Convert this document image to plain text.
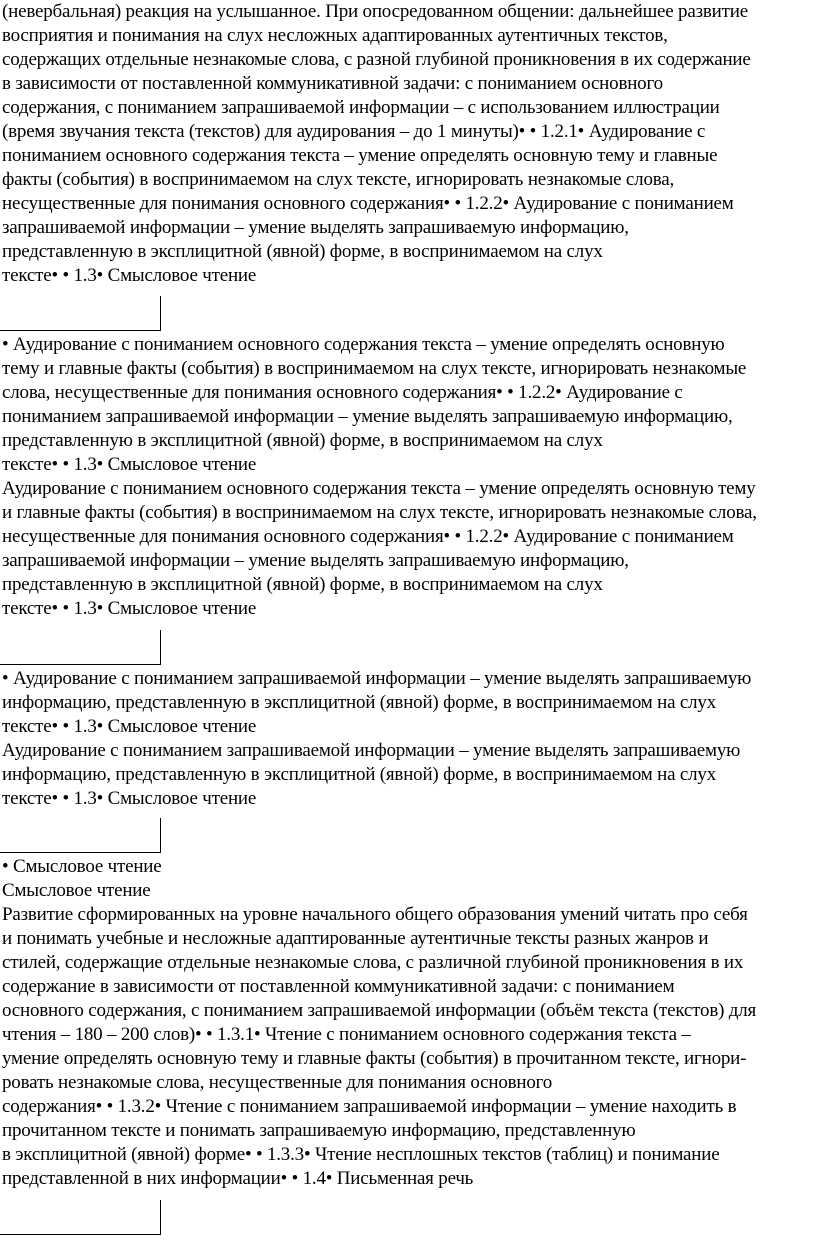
(невербальная) реакция на услышанное. При опосредованном общении: дальнейшее развитие
восприятия и понимания на слух несложных адаптированных аутентичных текстов,
содержащих отдельные незнакомые слова, с разной глубиной проникновения в их содержание
в зависимости от поставленной коммуникативной задачи: с пониманием основного
содержания, с пониманием запрашиваемой информации – с использованием иллюстрации
(время звучания текста (текстов) для аудирования – до 1 минуты)• • 1.2.1• Аудирование с
пониманием основного содержания текста – умение определять основную тему и главные
факты (события) в воспринимаемом на слух тексте, игнорировать незнакомые слова,
несущественные для понимания основного содержания• • 1.2.2• Аудирование с пониманием
запрашиваемой информации – умение выделять запрашиваемую информацию,
представленную в эксплицитной (явной) форме, в воспринимаемом на слух
тексте• • 1.3• Смысловое чтение
• Аудирование с пониманием основного содержания текста – умение определять основную
тему и главные факты (события) в воспринимаемом на слух тексте, игнорировать незнакомые
слова, несущественные для понимания основного содержания• • 1.2.2• Аудирование с
пониманием запрашиваемой информации – умение выделять запрашиваемую информацию,
представленную в эксплицитной (явной) форме, в воспринимаемом на слух
тексте• • 1.3• Смысловое чтение
Аудирование с пониманием основного содержания текста – умение определять основную тему
и главные факты (события) в воспринимаемом на слух тексте, игнорировать незнакомые слова,
несущественные для понимания основного содержания• • 1.2.2• Аудирование с пониманием
запрашиваемой информации – умение выделять запрашиваемую информацию,
представленную в эксплицитной (явной) форме, в воспринимаемом на слух
тексте• • 1.3• Смысловое чтение
• Аудирование с пониманием запрашиваемой информации – умение выделять запрашиваемую
информацию, представленную в эксплицитной (явной) форме, в воспринимаемом на слух
тексте• • 1.3• Смысловое чтение
Аудирование с пониманием запрашиваемой информации – умение выделять запрашиваемую
информацию, представленную в эксплицитной (явной) форме, в воспринимаемом на слух
тексте• • 1.3• Смысловое чтение
• Смысловое чтение
Смысловое чтение
Развитие сформированных на уровне начального общего образования умений читать про себя
и понимать учебные и несложные адаптированные аутентичные тексты разных жанров и
стилей, содержащие отдельные незнакомые слова, с различной глубиной проникновения в их
содержание в зависимости от поставленной коммуникативной задачи: с пониманием
основного содержания, с пониманием запрашиваемой информации (объём текста (текстов) для
чтения – 180 – 200 слов)• • 1.3.1• Чтение с пониманием основного содержания текста –
умение определять основную тему и главные факты (события) в прочитанном тексте, игнори-
ровать незнакомые слова, несущественные для понимания основного
содержания• • 1.3.2• Чтение с пониманием запрашиваемой информации – умение находить в
прочитанном тексте и понимать запрашиваемую информацию, представленную
в эксплицитной (явной) форме• • 1.3.3• Чтение несплошных текстов (таблиц) и понимание
представленной в них информации• • 1.4• Письменная речь
